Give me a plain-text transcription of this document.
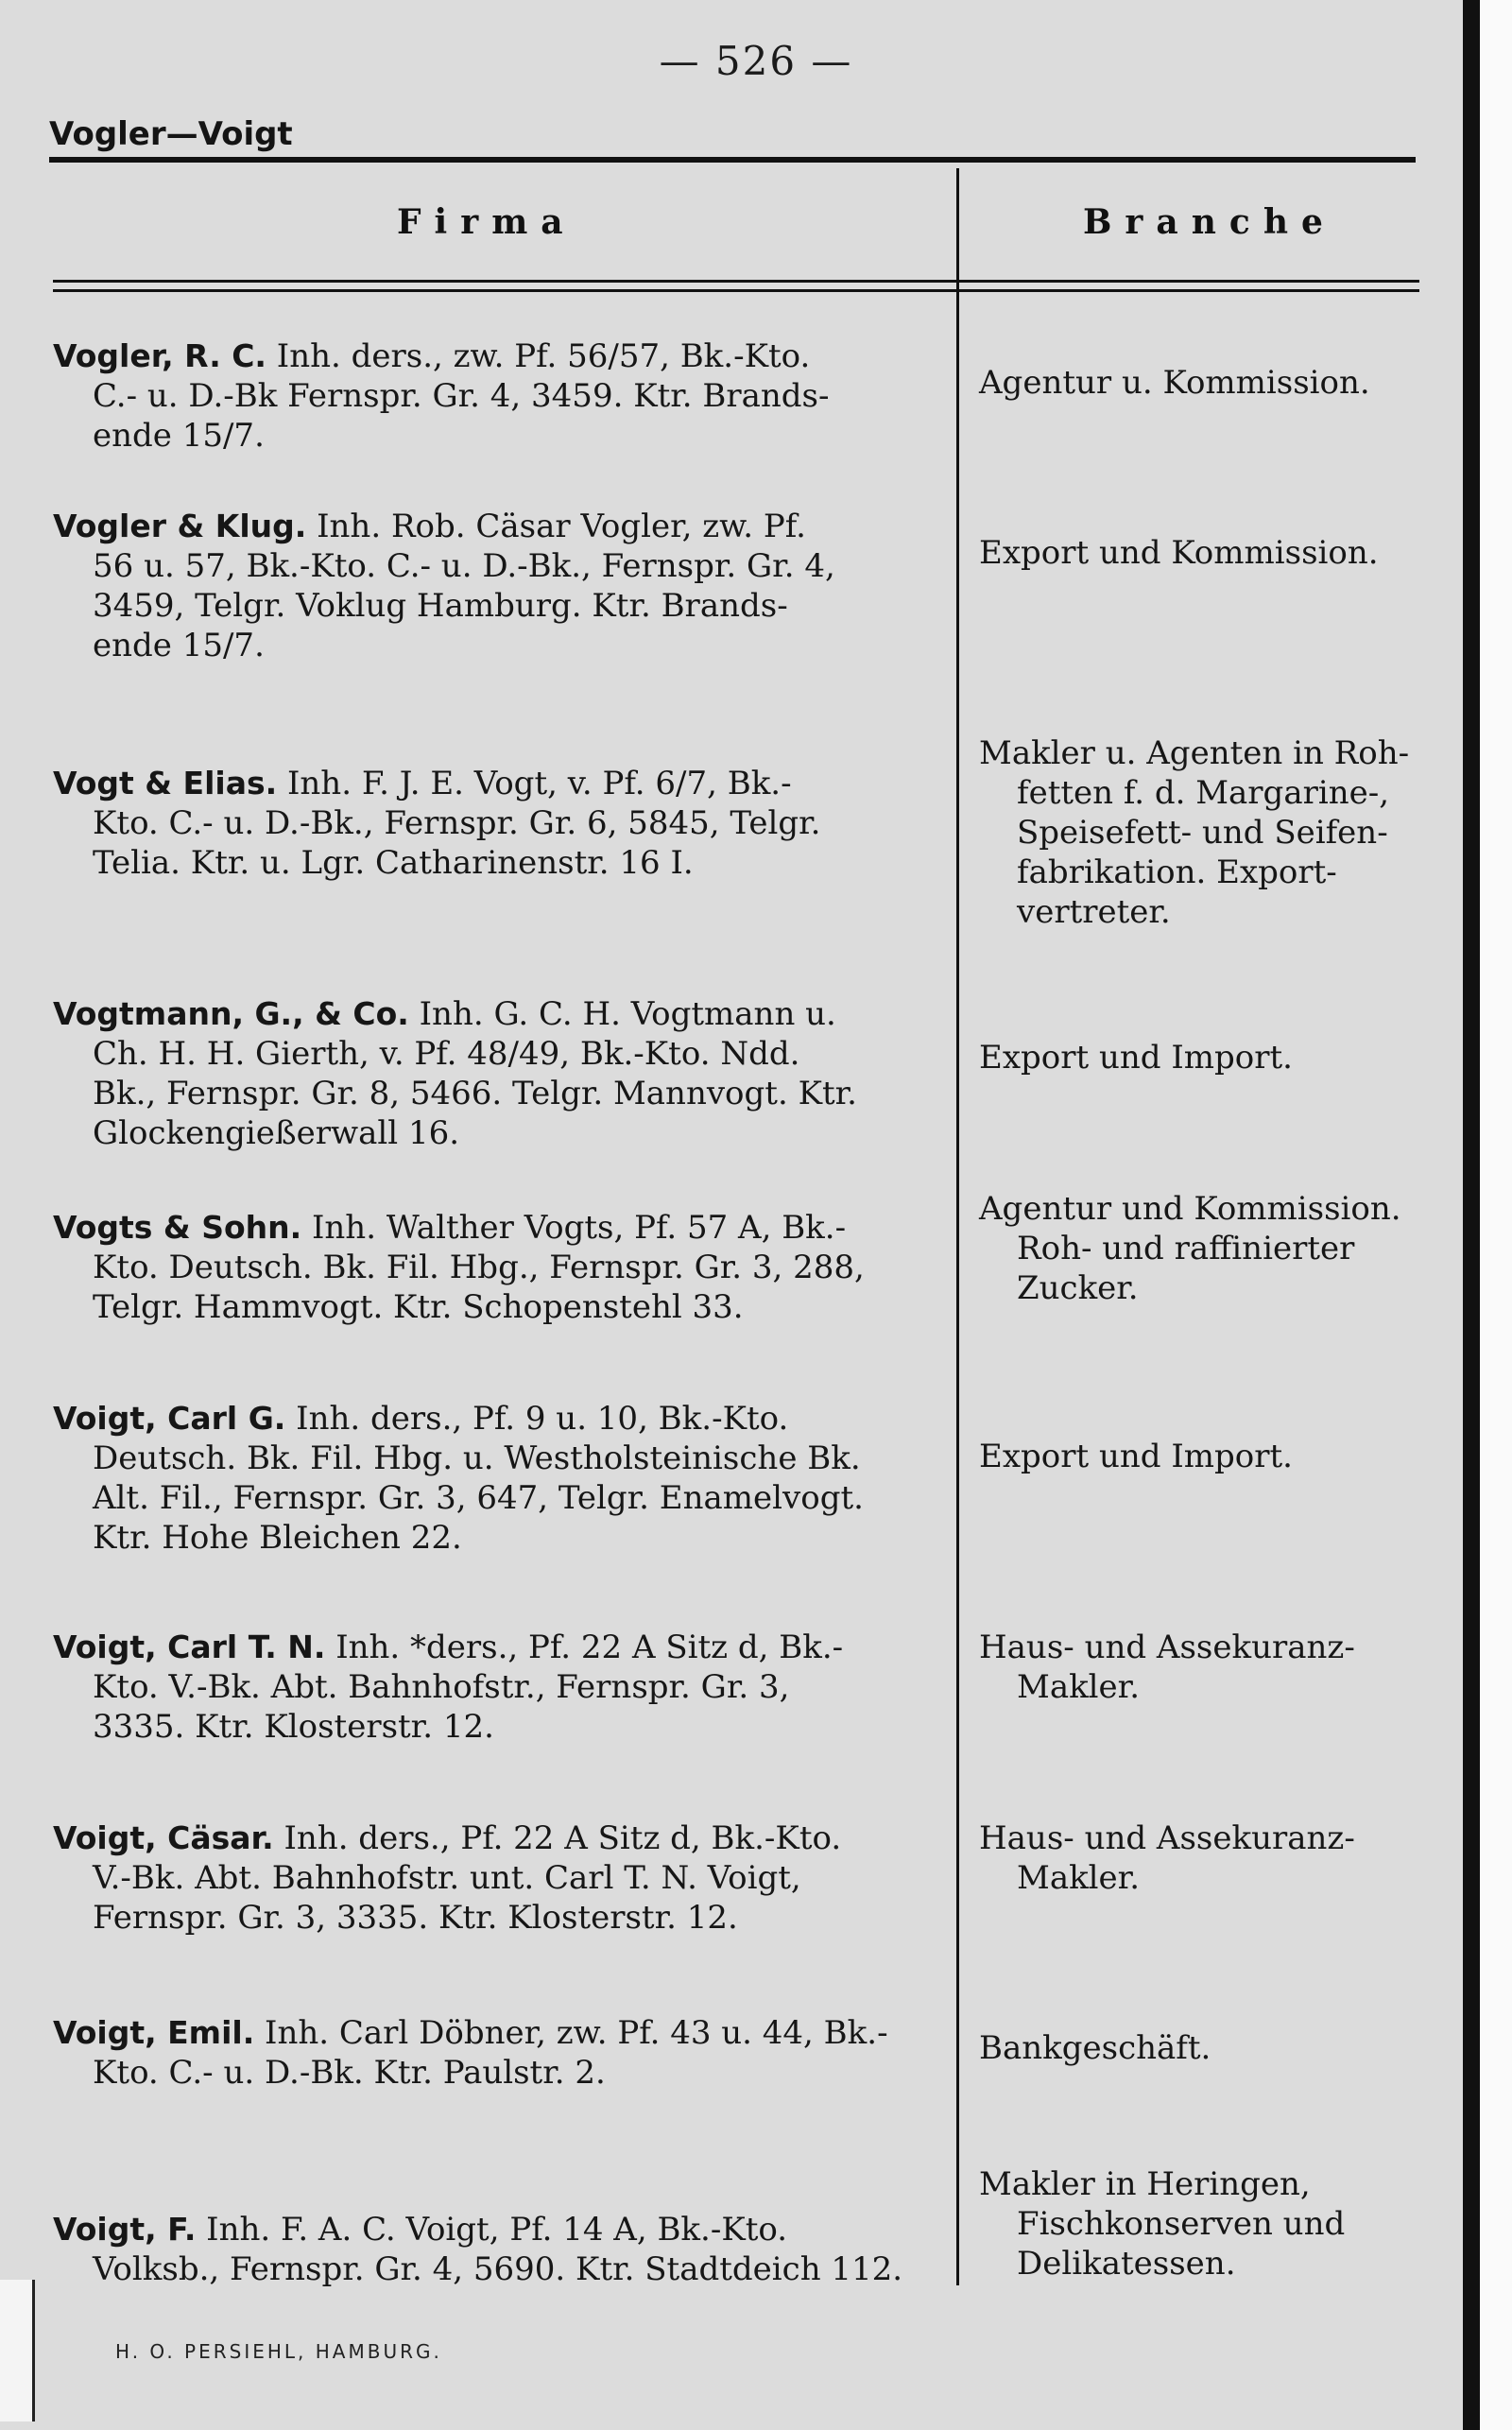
— 526 —
Vogler—Voigt
Firma	Branche
Vogler, R. C. Inh. ders., zw. Pf. 56/57, Bk.-Kto.
C.- u. D.-Bk Fernspr. Gr. 4, 3459. Ktr. Brands-
ende 15/7.
Agentur u. Kommission.
Vogler & Klug. Inh. Rob. Cäsar Vogler, zw. Pf.
56 u. 57, Bk.-Kto. C.- u. D.-Bk., Fernspr. Gr. 4,
3459, Telgr. Voklug Hamburg. Ktr. Brands-
ende 15/7.
Export und Kommission.
Vogt & Elias. Inh. F. J. E. Vogt, v. Pf. 6/7, Bk.-
Kto. C.- u. D.-Bk., Fernspr. Gr. 6, 5845, Telgr.
Telia. Ktr. u. Lgr. Catharinenstr. 16 I.
Makler u. Agenten in Roh-
fetten f. d. Margarine-,
Speisefett- und Seifen-
fabrikation. Export-
vertreter.
Vogtmann, G., & Co. Inh. G. C. H. Vogtmann u.
Ch. H. H. Gierth, v. Pf. 48/49, Bk.-Kto. Ndd.
Bk., Fernspr. Gr. 8, 5466. Telgr. Mannvogt. Ktr.
Glockengießerwall 16.
Export und Import.
Vogts & Sohn. Inh. Walther Vogts, Pf. 57 A, Bk.-
Kto. Deutsch. Bk. Fil. Hbg., Fernspr. Gr. 3, 288,
Telgr. Hammvogt. Ktr. Schopenstehl 33.
Agentur und Kommission.
Roh- und raffinierter
Zucker.
Voigt, Carl G. Inh. ders., Pf. 9 u. 10, Bk.-Kto.
Deutsch. Bk. Fil. Hbg. u. Westholsteinische Bk.
Alt. Fil., Fernspr. Gr. 3, 647, Telgr. Enamelvogt.
Ktr. Hohe Bleichen 22.
Export und Import.
Voigt, Carl T. N. Inh. *ders., Pf. 22 A Sitz d, Bk.-
Kto. V.-Bk. Abt. Bahnhofstr., Fernspr. Gr. 3,
3335. Ktr. Klosterstr. 12.
Haus- und Assekuranz-
Makler.
Voigt, Cäsar. Inh. ders., Pf. 22 A Sitz d, Bk.-Kto.
V.-Bk. Abt. Bahnhofstr. unt. Carl T. N. Voigt,
Fernspr. Gr. 3, 3335. Ktr. Klosterstr. 12.
Haus- und Assekuranz-
Makler.
Voigt, Emil. Inh. Carl Döbner, zw. Pf. 43 u. 44, Bk.-
Kto. C.- u. D.-Bk. Ktr. Paulstr. 2.
Bankgeschäft.
Voigt, F. Inh. F. A. C. Voigt, Pf. 14 A, Bk.-Kto.
Volksb., Fernspr. Gr. 4, 5690. Ktr. Stadtdeich 112.
Makler in Heringen,
Fischkonserven und
Delikatessen.
H. O. PERSIEHL, HAMBURG.
